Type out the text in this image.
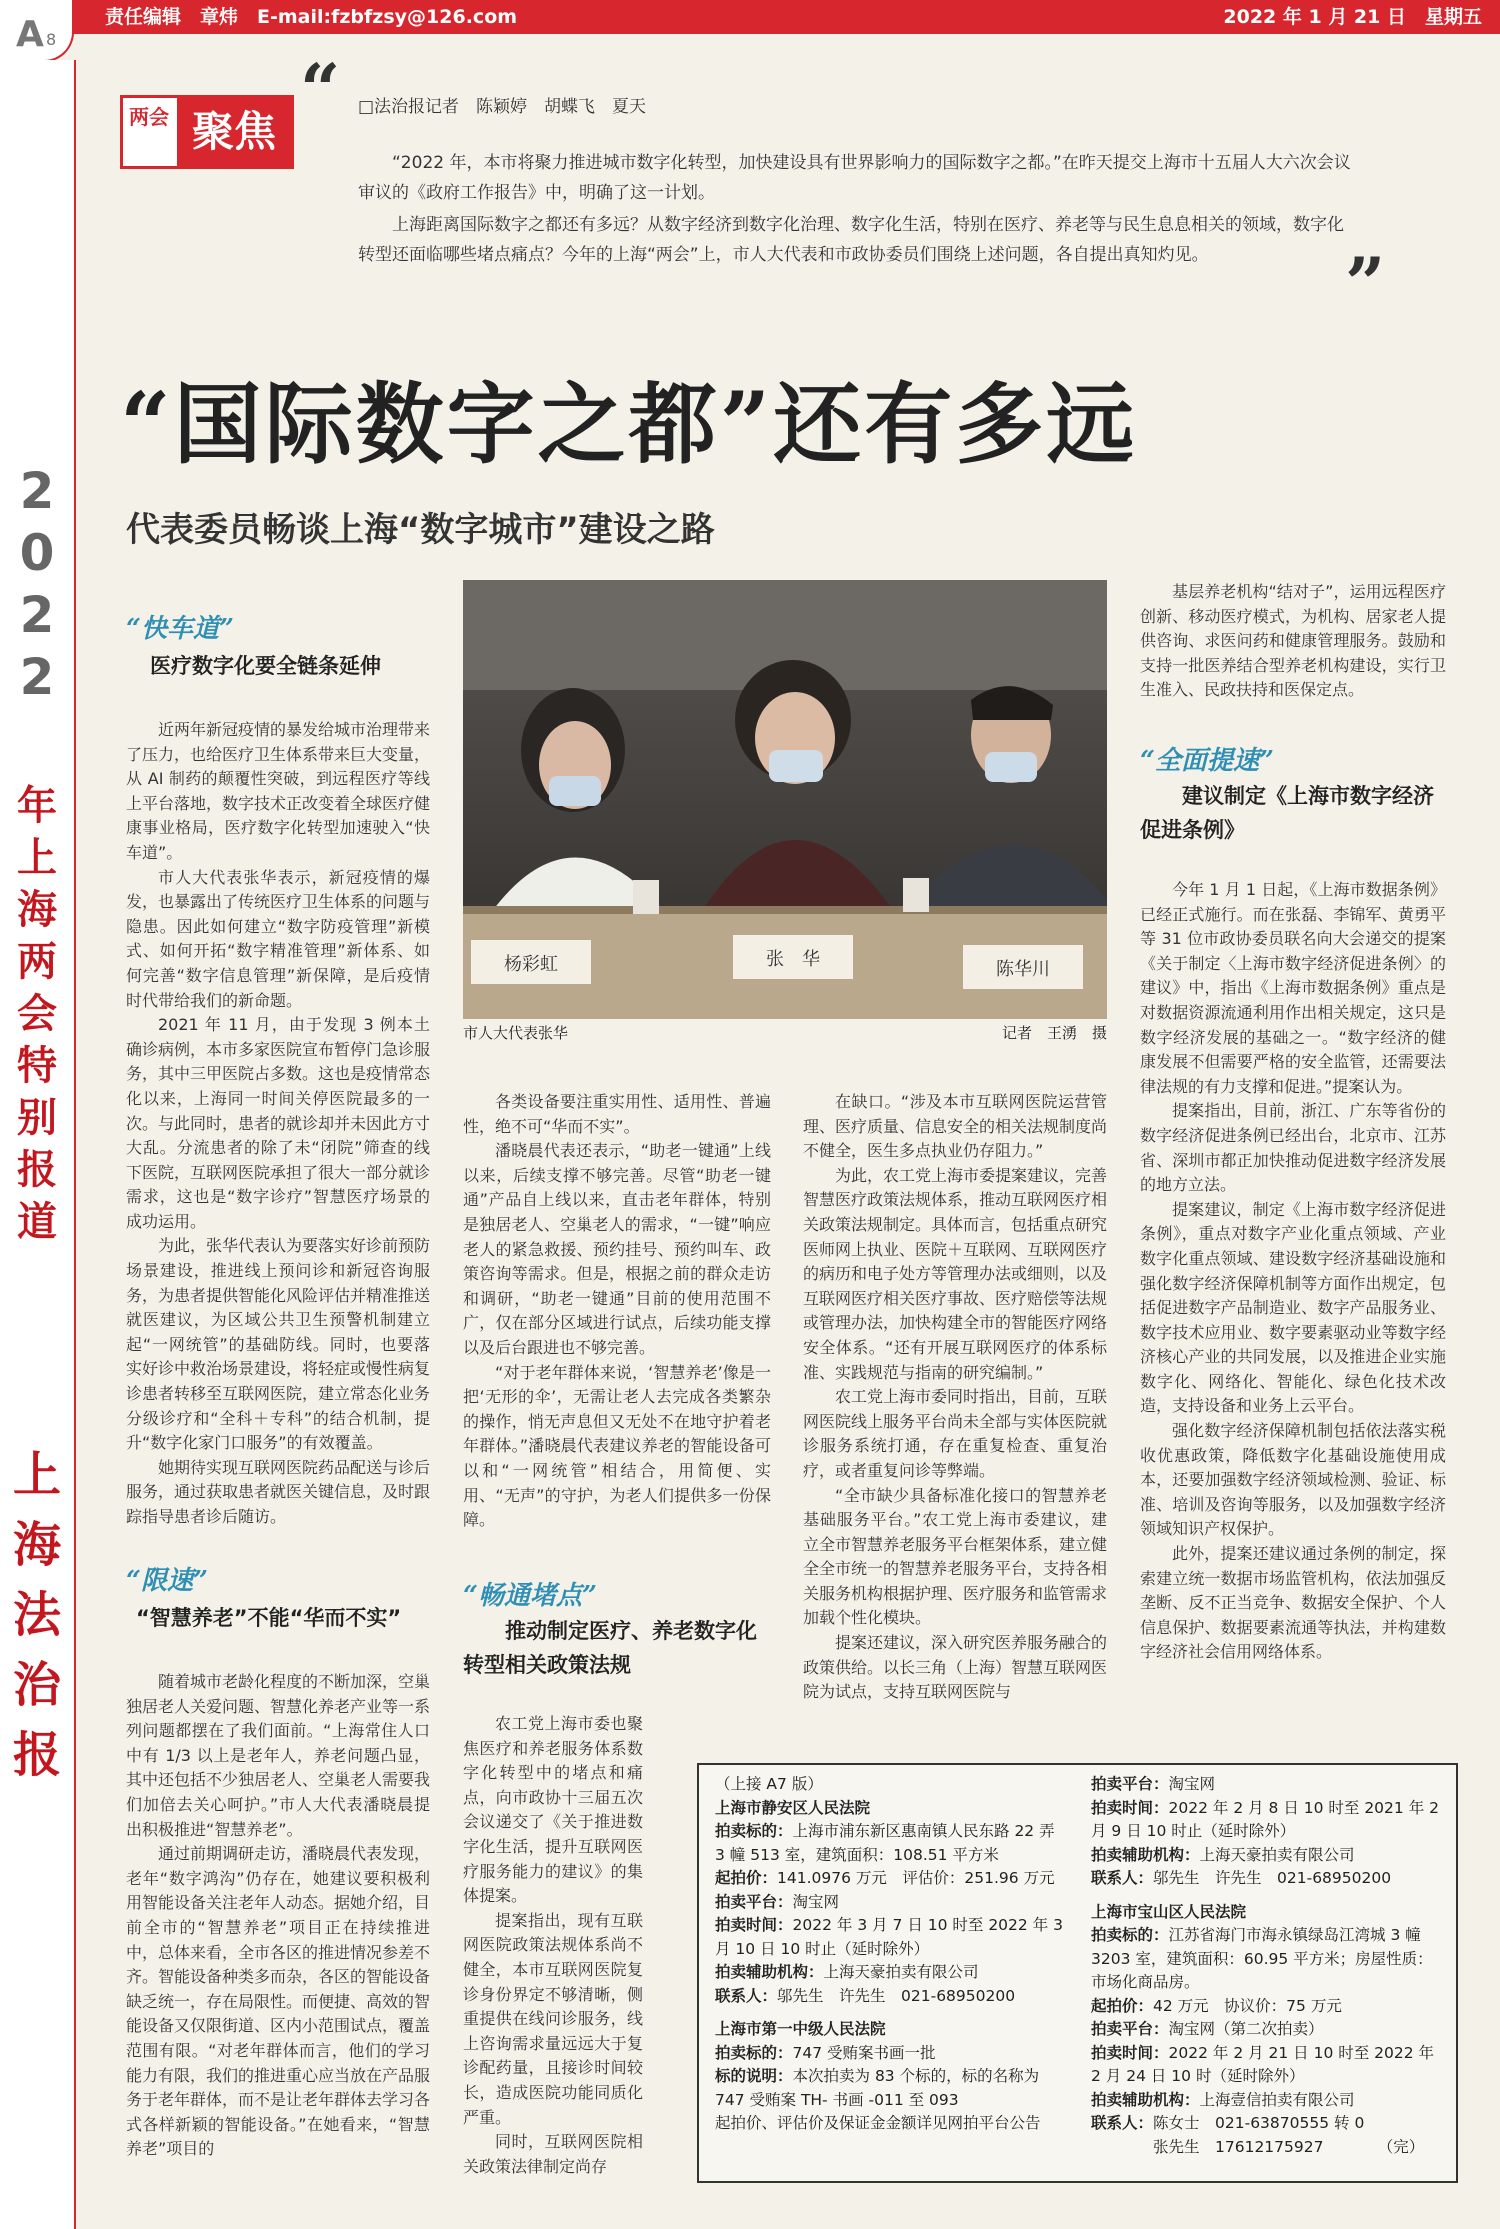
责任编辑　章炜　E-mail:fzbfzsy@126.com	2022 年 1 月 21 日　星期五
A 8
2
0
2
2
年
上
海
两
会
特
别
报
道
上
海
法
治
报
两会 聚焦
“
”
□法治报记者　陈颖婷　胡蝶飞　夏天

“2022 年，本市将聚力推进城市数字化转型，加快建设具有世界影响力的国际数字之都。”在昨天提交上海市十五届人大六次会议审议的《政府工作报告》中，明确了这一计划。

上海距离国际数字之都还有多远？从数字经济到数字化治理、数字化生活，特别在医疗、养老等与民生息息相关的领域，数字化转型还面临哪些堵点痛点？今年的上海“两会”上，市人大代表和市政协委员们围绕上述问题，各自提出真知灼见。

“国际数字之都”还有多远
代表委员畅谈上海“数字城市”建设之路
“快车道”
医疗数字化要全链条延伸

近两年新冠疫情的暴发给城市治理带来了压力，也给医疗卫生体系带来巨大变量，从 AI 制药的颠覆性突破，到远程医疗等线上平台落地，数字技术正改变着全球医疗健康事业格局，医疗数字化转型加速驶入“快车道”。

市人大代表张华表示，新冠疫情的爆发，也暴露出了传统医疗卫生体系的问题与隐患。因此如何建立“数字防疫管理”新模式、如何开拓“数字精准管理”新体系、如何完善“数字信息管理”新保障，是后疫情时代带给我们的新命题。

2021 年 11 月，由于发现 3 例本土确诊病例，本市多家医院宣布暂停门急诊服务，其中三甲医院占多数。这也是疫情常态化以来，上海同一时间关停医院最多的一次。与此同时，患者的就诊却并未因此方寸大乱。分流患者的除了未“闭院”筛查的线下医院，互联网医院承担了很大一部分就诊需求，这也是“数字诊疗”智慧医疗场景的成功运用。

为此，张华代表认为要落实好诊前预防场景建设，推进线上预问诊和新冠咨询服务，为患者提供智能化风险评估并精准推送就医建议，为区域公共卫生预警机制建立起“一网统管”的基础防线。同时，也要落实好诊中救治场景建设，将轻症或慢性病复诊患者转移至互联网医院，建立常态化业务分级诊疗和“全科＋专科”的结合机制，提升“数字化家门口服务”的有效覆盖。

她期待实现互联网医院药品配送与诊后服务，通过获取患者就医关键信息，及时跟踪指导患者诊后随访。

“限速”
“智慧养老”不能“华而不实”

随着城市老龄化程度的不断加深，空巢独居老人关爱问题、智慧化养老产业等一系列问题都摆在了我们面前。“上海常住人口中有 1/3 以上是老年人，养老问题凸显，其中还包括不少独居老人、空巢老人需要我们加倍去关心呵护。”市人大代表潘晓晨提出积极推进“智慧养老”。

通过前期调研走访，潘晓晨代表发现，老年“数字鸿沟”仍存在，她建议要积极利用智能设备关注老年人动态。据她介绍，目前全市的“智慧养老”项目正在持续推进中，总体来看，全市各区的推进情况参差不齐。智能设备种类多而杂，各区的智能设备缺乏统一，存在局限性。而便捷、高效的智能设备又仅限街道、区内小范围试点，覆盖范围有限。“对老年群体而言，他们的学习能力有限，我们的推进重心应当放在产品服务于老年群体，而不是让老年群体去学习各式各样新颖的智能设备。”在她看来，“智慧养老”项目的

杨彩虹	张　华	陈华川
市人大代表张华	记者　王湧　摄

各类设备要注重实用性、适用性、普遍性，绝不可“华而不实”。

潘晓晨代表还表示，“助老一键通”上线以来，后续支撑不够完善。尽管“助老一键通”产品自上线以来，直击老年群体，特别是独居老人、空巢老人的需求，“一键”响应老人的紧急救援、预约挂号、预约叫车、政策咨询等需求。但是，根据之前的群众走访和调研，“助老一键通”目前的使用范围不广，仅在部分区域进行试点，后续功能支撑以及后台跟进也不够完善。

“对于老年群体来说，‘智慧养老’像是一把‘无形的伞’，无需让老人去完成各类繁杂的操作，悄无声息但又无处不在地守护着老年群体。”潘晓晨代表建议养老的智能设备可以和“一网统管”相结合，用简便、实用、“无声”的守护，为老人们提供多一份保障。

“畅通堵点”
推动制定医疗、养老数字化转型相关政策法规

农工党上海市委也聚焦医疗和养老服务体系数字化转型中的堵点和痛点，向市政协十三届五次会议递交了《关于推进数字化生活，提升互联网医疗服务能力的建议》的集体提案。

提案指出，现有互联网医院政策法规体系尚不健全，本市互联网医院复诊身份界定不够清晰，侧重提供在线问诊服务，线上咨询需求量远远大于复诊配药量，且接诊时间较长，造成医院功能同质化严重。

同时，互联网医院相关政策法律制定尚存

在缺口。“涉及本市互联网医院运营管理、医疗质量、信息安全的相关法规制度尚不健全，医生多点执业仍存阻力。”

为此，农工党上海市委提案建议，完善智慧医疗政策法规体系，推动互联网医疗相关政策法规制定。具体而言，包括重点研究医师网上执业、医院＋互联网、互联网医疗的病历和电子处方等管理办法或细则，以及互联网医疗相关医疗事故、医疗赔偿等法规或管理办法，加快构建全市的智能医疗网络安全体系。“还有开展互联网医疗的体系标准、实践规范与指南的研究编制。”

农工党上海市委同时指出，目前，互联网医院线上服务平台尚未全部与实体医院就诊服务系统打通，存在重复检查、重复治疗，或者重复问诊等弊端。

“全市缺少具备标准化接口的智慧养老基础服务平台。”农工党上海市委建议，建立全市智慧养老服务平台框架体系，建立健全全市统一的智慧养老服务平台，支持各相关服务机构根据护理、医疗服务和监管需求加载个性化模块。

提案还建议，深入研究医养服务融合的政策供给。以长三角（上海）智慧互联网医院为试点，支持互联网医院与

基层养老机构“结对子”，运用远程医疗创新、移动医疗模式，为机构、居家老人提供咨询、求医问药和健康管理服务。鼓励和支持一批医养结合型养老机构建设，实行卫生准入、民政扶持和医保定点。

“全面提速”
建议制定《上海市数字经济促进条例》

今年 1 月 1 日起，《上海市数据条例》已经正式施行。而在张磊、李锦军、黄勇平等 31 位市政协委员联名向大会递交的提案《关于制定〈上海市数字经济促进条例〉的建议》中，指出《上海市数据条例》重点是对数据资源流通利用作出相关规定，这只是数字经济发展的基础之一。“数字经济的健康发展不但需要严格的安全监管，还需要法律法规的有力支撑和促进。”提案认为。

提案指出，目前，浙江、广东等省份的数字经济促进条例已经出台，北京市、江苏省、深圳市都正加快推动促进数字经济发展的地方立法。

提案建议，制定《上海市数字经济促进条例》，重点对数字产业化重点领域、产业数字化重点领域、建设数字经济基础设施和强化数字经济保障机制等方面作出规定，包括促进数字产品制造业、数字产品服务业、数字技术应用业、数字要素驱动业等数字经济核心产业的共同发展，以及推进企业实施数字化、网络化、智能化、绿色化技术改造，支持设备和业务上云平台。

强化数字经济保障机制包括依法落实税收优惠政策，降低数字化基础设施使用成本，还要加强数字经济领域检测、验证、标准、培训及咨询等服务，以及加强数字经济领域知识产权保护。

此外，提案还建议通过条例的制定，探索建立统一数据市场监管机构，依法加强反垄断、反不正当竞争、数据安全保护、个人信息保护、数据要素流通等执法，并构建数字经济社会信用网络体系。

（上接 A7 版）
上海市静安区人民法院
拍卖标的：上海市浦东新区惠南镇人民东路 22 弄 3 幢 513 室，建筑面积：108.51 平方米
起拍价：141.0976 万元　评估价：251.96 万元
拍卖平台：淘宝网
拍卖时间：2022 年 3 月 7 日 10 时至 2022 年 3 月 10 日 10 时止（延时除外）
拍卖辅助机构：上海天豪拍卖有限公司
联系人：邬先生　许先生　021-68950200
上海市第一中级人民法院
拍卖标的：747 受贿案书画一批
标的说明：本次拍卖为 83 个标的，标的名称为 747 受贿案 TH- 书画 -011 至 093
起拍价、评估价及保证金金额详见网拍平台公告
拍卖平台：淘宝网
拍卖时间：2022 年 2 月 8 日 10 时至 2021 年 2 月 9 日 10 时止（延时除外）
拍卖辅助机构：上海天豪拍卖有限公司
联系人：邬先生　许先生　021-68950200
上海市宝山区人民法院
拍卖标的：江苏省海门市海永镇绿岛江湾城 3 幢 3203 室，建筑面积：60.95 平方米；房屋性质：市场化商品房。
起拍价：42 万元　协议价：75 万元
拍卖平台：淘宝网（第二次拍卖）
拍卖时间：2022 年 2 月 21 日 10 时至 2022 年 2 月 24 日 10 时（延时除外）
拍卖辅助机构：上海壹信拍卖有限公司
联系人：陈女士　021-63870555 转 0
　　　　张先生　17612175927　　　　（完）
